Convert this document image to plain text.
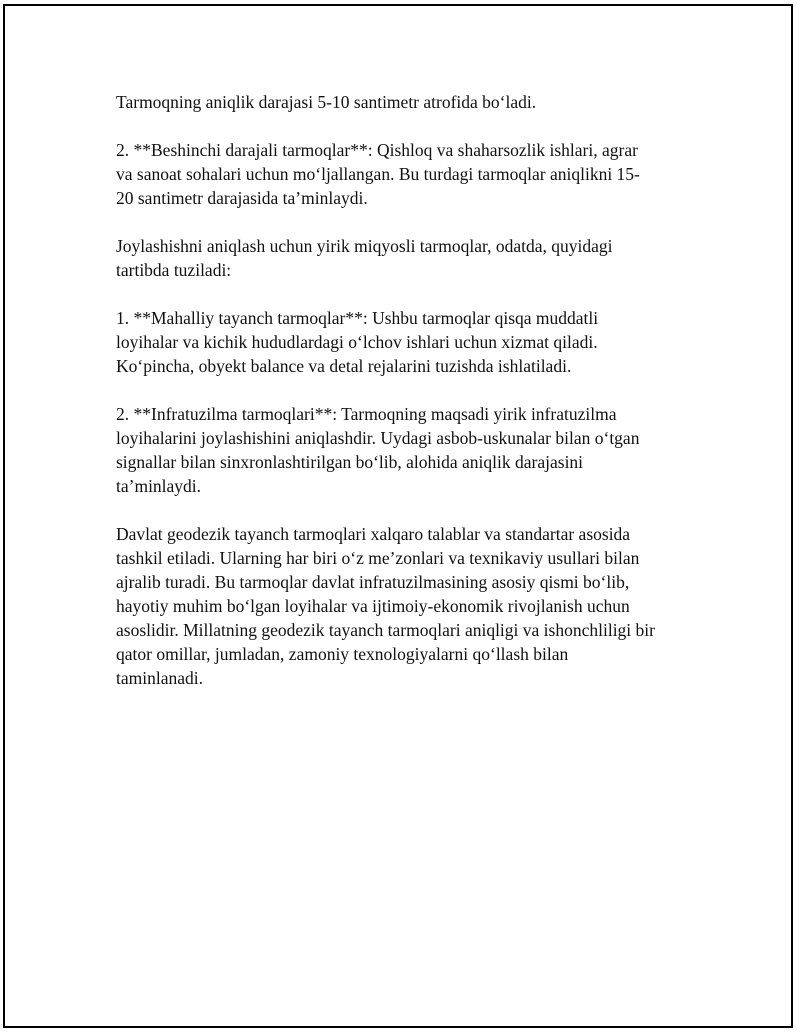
Tarmoqning aniqlik darajasi 5-10 santimetr atrofida bo‘ladi.

2. **Beshinchi darajali tarmoqlar**: Qishloq va shaharsozlik ishlari, agrar
va sanoat sohalari uchun mo‘ljallangan. Bu turdagi tarmoqlar aniqlikni 15-
20 santimetr darajasida ta’minlaydi.

Joylashishni aniqlash uchun yirik miqyosli tarmoqlar, odatda, quyidagi
tartibda tuziladi:

1. **Mahalliy tayanch tarmoqlar**: Ushbu tarmoqlar qisqa muddatli
loyihalar va kichik hududlardagi o‘lchov ishlari uchun xizmat qiladi.
Ko‘pincha, obyekt balance va detal rejalarini tuzishda ishlatiladi.

2. **Infratuzilma tarmoqlari**: Tarmoqning maqsadi yirik infratuzilma
loyihalarini joylashishini aniqlashdir. Uydagi asbob-uskunalar bilan o‘tgan
signallar bilan sinxronlashtirilgan bo‘lib, alohida aniqlik darajasini
ta’minlaydi.

Davlat geodezik tayanch tarmoqlari xalqaro talablar va standartar asosida
tashkil etiladi. Ularning har biri o‘z me’zonlari va texnikaviy usullari bilan
ajralib turadi. Bu tarmoqlar davlat infratuzilmasining asosiy qismi bo‘lib,
hayotiy muhim bo‘lgan loyihalar va ijtimoiy-ekonomik rivojlanish uchun
asoslidir. Millatning geodezik tayanch tarmoqlari aniqligi va ishonchliligi bir
qator omillar, jumladan, zamoniy texnologiyalarni qo‘llash bilan
taminlanadi.
